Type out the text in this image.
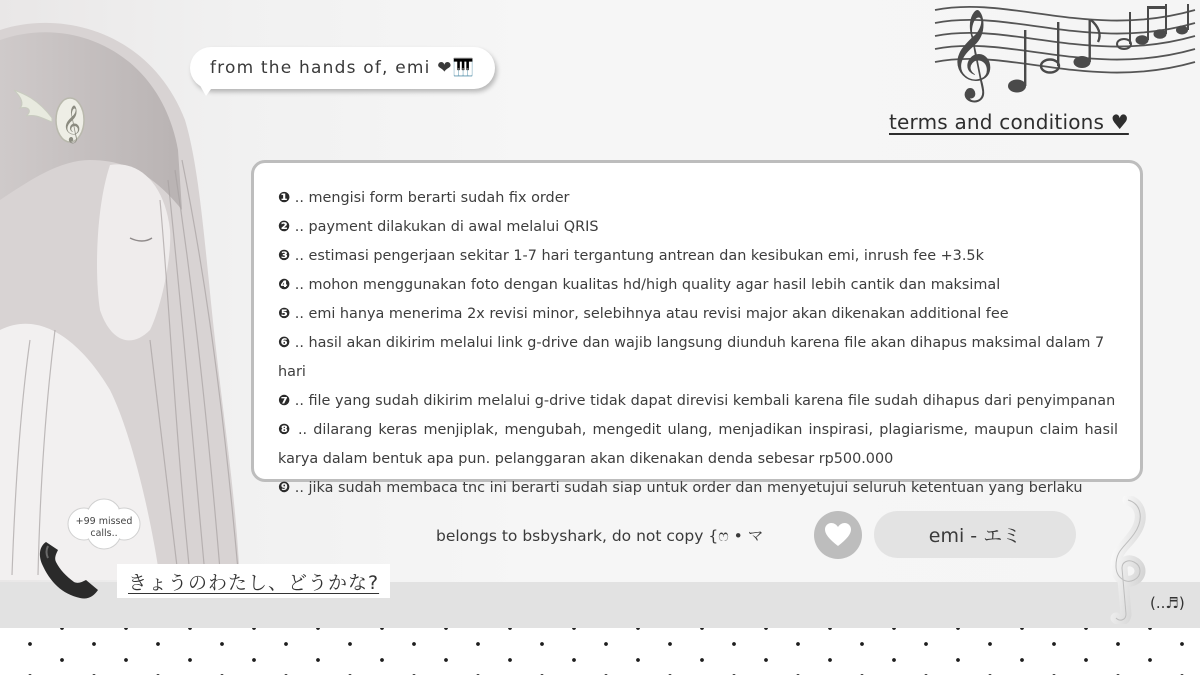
𝄞
from the hands of, emi ❤🎹	𝄞
terms and conditions ♥

❶ .. mengisi form berarti sudah fix order

❷ .. payment dilakukan di awal melalui QRIS

❸ .. estimasi pengerjaan sekitar 1-7 hari tergantung antrean dan kesibukan emi, inrush fee +3.5k

❹ .. mohon menggunakan foto dengan kualitas hd/high quality agar hasil lebih cantik dan maksimal

❺ .. emi hanya menerima 2x revisi minor, selebihnya atau revisi major akan dikenakan additional fee

❻ .. hasil akan dikirim melalui link g-drive dan wajib langsung diunduh karena file akan dihapus maksimal dalam 7 hari

❼ .. file yang sudah dikirim melalui g-drive tidak dapat direvisi kembali karena file sudah dihapus dari penyimpanan

❽ .. dilarang keras menjiplak, mengubah, mengedit ulang, menjadikan inspirasi, plagiarisme, maupun claim hasil karya dalam bentuk apa pun. pelanggaran akan dikenakan denda sebesar rp500.000

❾ .. jika sudah membaca tnc ini berarti sudah siap untuk order dan menyetujui seluruh ketentuan yang berlaku

belongs to bsbyshark, do not copy {ෆ • マ	emi - エミ
+99 missed calls..
きょうのわたし、どうかな?
(..♬)
